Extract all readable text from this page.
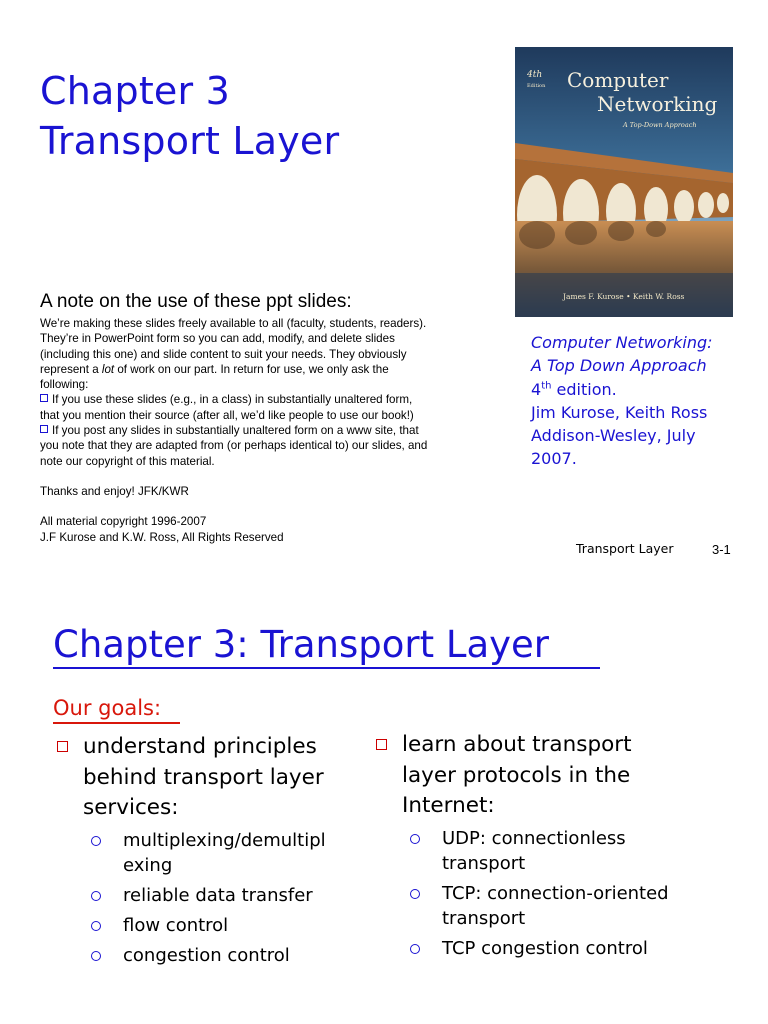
Chapter 3
Transport Layer
4th
Edition Computer
Networking
A Top-Down Approach
James F. Kurose • Keith W. Ross
A note on the use of these ppt slides:

We’re making these slides freely available to all (faculty, students, readers).

They’re in PowerPoint form so you can add, modify, and delete slides

(including this one) and slide content to suit your needs. They obviously

represent a lot of work on our part. In return for use, we only ask the

following:

If you use these slides (e.g., in a class) in substantially unaltered form,

that you mention their source (after all, we’d like people to use our book!)

If you post any slides in substantially unaltered form on a www site, that

you note that they are adapted from (or perhaps identical to) our slides, and

note our copyright of this material.

Thanks and enjoy! JFK/KWR

All material copyright 1996-2007

J.F Kurose and K.W. Ross, All Rights Reserved

Computer Networking:

A Top Down Approach

4th edition.

Jim Kurose, Keith Ross

Addison-Wesley, July

2007.

Transport Layer	3-1
Chapter 3: Transport Layer
Our goals:
understand principles behind transport layer services:
multiplexing/demultipl exing
reliable data transfer
flow control
congestion control
learn about transport layer protocols in the Internet:
UDP: connectionless transport
TCP: connection-oriented transport
TCP congestion control
